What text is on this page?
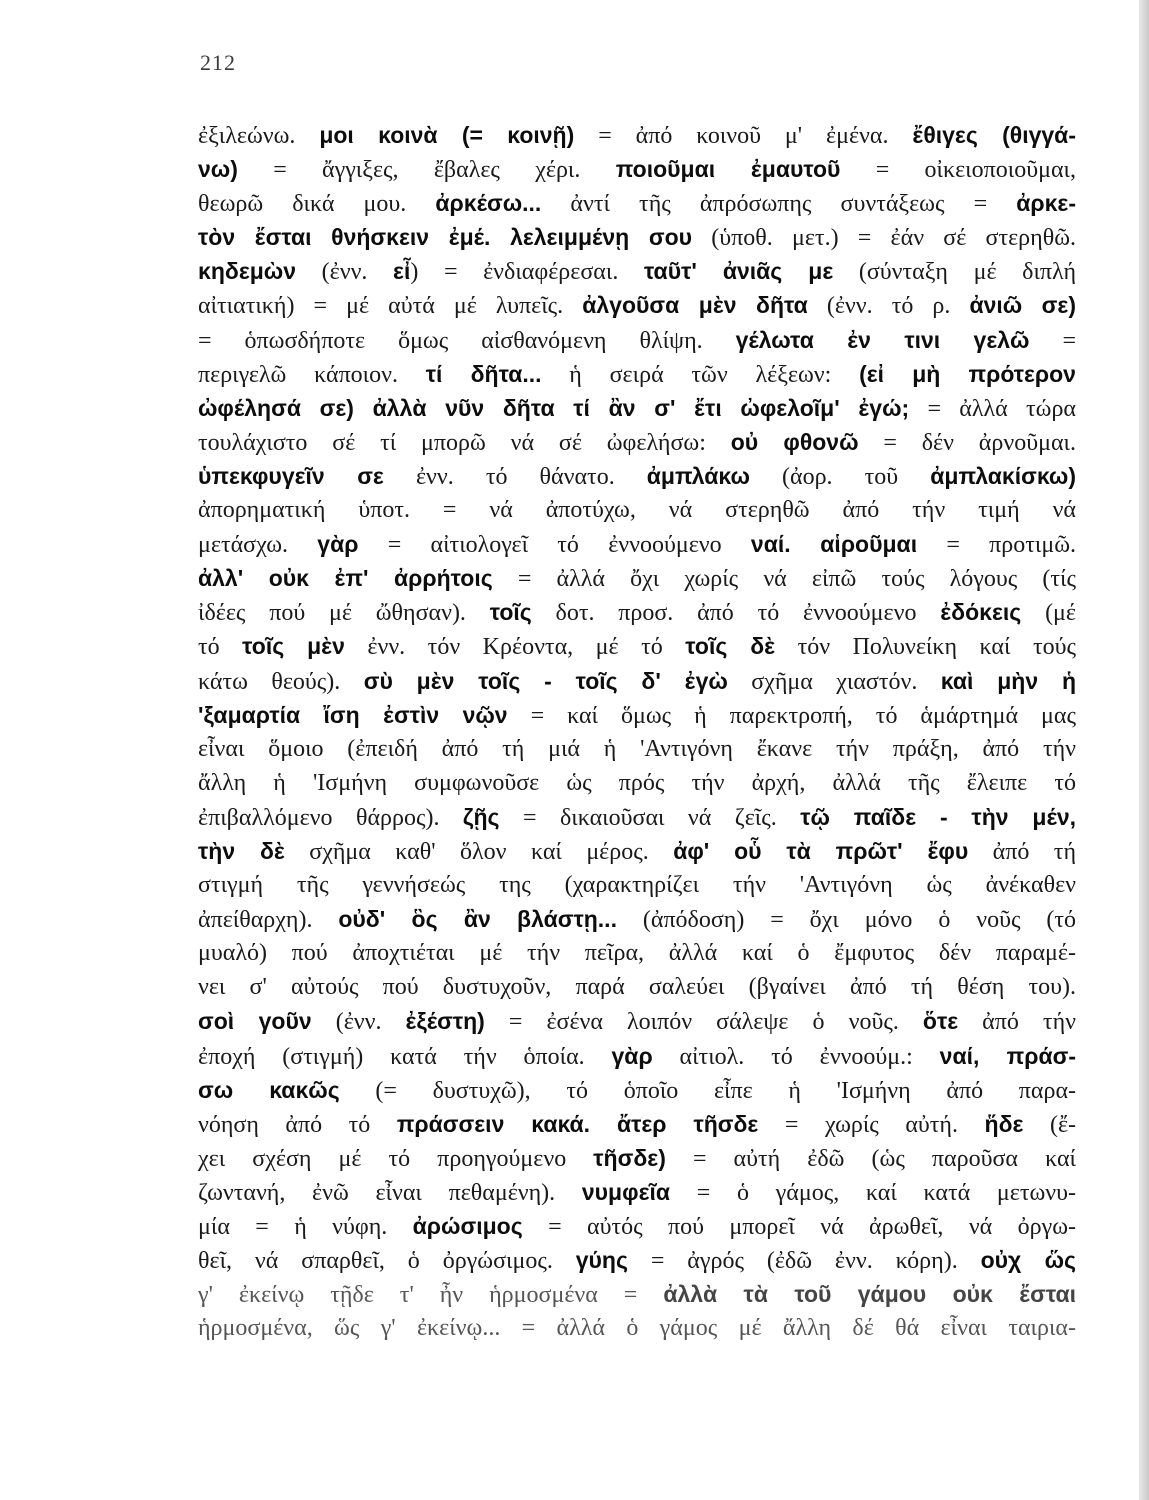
212
ἐξιλεώνω. μοι κοινὰ (= κοινῇ) = ἀπό κοινοῦ μ' ἐμένα. ἔθιγες (θιγγά-
νω) = ἄγγιξες, ἔβαλες χέρι. ποιοῦμαι ἐμαυτοῦ = οἰκειοποιοῦμαι,
θεωρῶ δικά μου. ἀρκέσω... ἀντί τῆς ἀπρόσωπης συντάξεως = ἀρκε-
τὸν ἔσται θνήσκειν ἐμέ. λελειμμένῃ σου (ὑποθ. μετ.) = ἐάν σέ στερηθῶ.
κηδεμὼν (ἐνν. εἶ) = ἐνδιαφέρεσαι. ταῦτ' ἀνιᾶς με (σύνταξη μέ διπλή
αἰτιατική) = μέ αὐτά μέ λυπεῖς. ἀλγοῦσα μὲν δῆτα (ἐνν. τό ρ. ἀνιῶ σε)
= ὁπωσδήποτε ὅμως αἰσθανόμενη θλίψη. γέλωτα ἐν τινι γελῶ =
περιγελῶ κάποιον. τί δῆτα... ἡ σειρά τῶν λέξεων: (εἰ μὴ πρότερον
ὠφέλησά σε) ἀλλὰ νῦν δῆτα τί ἂν σ' ἔτι ὠφελοῖμ' ἐγώ; = ἀλλά τώρα
τουλάχιστο σέ τί μπορῶ νά σέ ὠφελήσω: οὐ φθονῶ = δέν ἀρνοῦμαι.
ὑπεκφυγεῖν σε ἐνν. τό θάνατο. ἀμπλάκω (ἀορ. τοῦ ἀμπλακίσκω)
ἀπορηματική ὑποτ. = νά ἀποτύχω, νά στερηθῶ ἀπό τήν τιμή νά
μετάσχω. γὰρ = αἰτιολογεῖ τό ἐννοούμενο ναί. αἱροῦμαι = προτιμῶ.
ἀλλ' οὐκ ἐπ' ἀρρήτοις = ἀλλά ὄχι χωρίς νά εἰπῶ τούς λόγους (τίς
ἰδέες πού μέ ὤθησαν). τοῖς δοτ. προσ. ἀπό τό ἐννοούμενο ἐδόκεις (μέ
τό τοῖς μὲν ἐνν. τόν Κρέοντα, μέ τό τοῖς δὲ τόν Πολυνείκη καί τούς
κάτω θεούς). σὺ μὲν τοῖς - τοῖς δ' ἐγὼ σχῆμα χιαστόν. καὶ μὴν ἡ
'ξαμαρτία ἴση ἐστὶν νῷν = καί ὅμως ἡ παρεκτροπή, τό ἁμάρτημά μας
εἶναι ὅμοιο (ἐπειδή ἀπό τή μιά ἡ 'Αντιγόνη ἔκανε τήν πράξη, ἀπό τήν
ἄλλη ἡ 'Ισμήνη συμφωνοῦσε ὡς πρός τήν ἀρχή, ἀλλά τῆς ἔλειπε τό
ἐπιβαλλόμενο θάρρος). ζῇς = δικαιοῦσαι νά ζεῖς. τῷ παῖδε - τὴν μέν,
τὴν δὲ σχῆμα καθ' ὅλον καί μέρος. ἀφ' οὗ τὰ πρῶτ' ἔφυ ἀπό τή
στιγμή τῆς γεννήσεώς της (χαρακτηρίζει τήν 'Αντιγόνη ὡς ἀνέκαθεν
ἀπείθαρχη). οὐδ' ὃς ἂν βλάστῃ... (ἀπόδοση) = ὄχι μόνο ὁ νοῦς (τό
μυαλό) πού ἀποχτιέται μέ τήν πεῖρα, ἀλλά καί ὁ ἔμφυτος δέν παραμέ-
νει σ' αὐτούς πού δυστυχοῦν, παρά σαλεύει (βγαίνει ἀπό τή θέση του).
σοὶ γοῦν (ἐνν. ἐξέστη) = ἐσένα λοιπόν σάλεψε ὁ νοῦς. ὅτε ἀπό τήν
ἐποχή (στιγμή) κατά τήν ὁποία. γὰρ αἰτιολ. τό ἐννοούμ.: ναί, πράσ-
σω κακῶς (= δυστυχῶ), τό ὁποῖο εἶπε ἡ 'Ισμήνη ἀπό παρα-
νόηση ἀπό τό πράσσειν κακά. ἄτερ τῆσδε = χωρίς αὐτή. ἥδε (ἔ-
χει σχέση μέ τό προηγούμενο τῆσδε) = αὐτή ἐδῶ (ὡς παροῦσα καί
ζωντανή, ἐνῶ εἶναι πεθαμένη). νυμφεῖα = ὁ γάμος, καί κατά μετωνυ-
μία = ἡ νύφη. ἀρώσιμος = αὐτός πού μπορεῖ νά ἀρωθεῖ, νά ὀργω-
θεῖ, νά σπαρθεῖ, ὁ ὀργώσιμος. γύης = ἀγρός (ἐδῶ ἐνν. κόρη). οὐχ ὥς
γ' ἐκείνῳ τῇδε τ' ἦν ἡρμοσμένα = ἀλλὰ τὰ τοῦ γάμου οὐκ ἔσται
ἡρμοσμένα, ὥς γ' ἐκείνῳ... = ἀλλά ὁ γάμος μέ ἄλλη δέ θά εἶναι ταιρια-
